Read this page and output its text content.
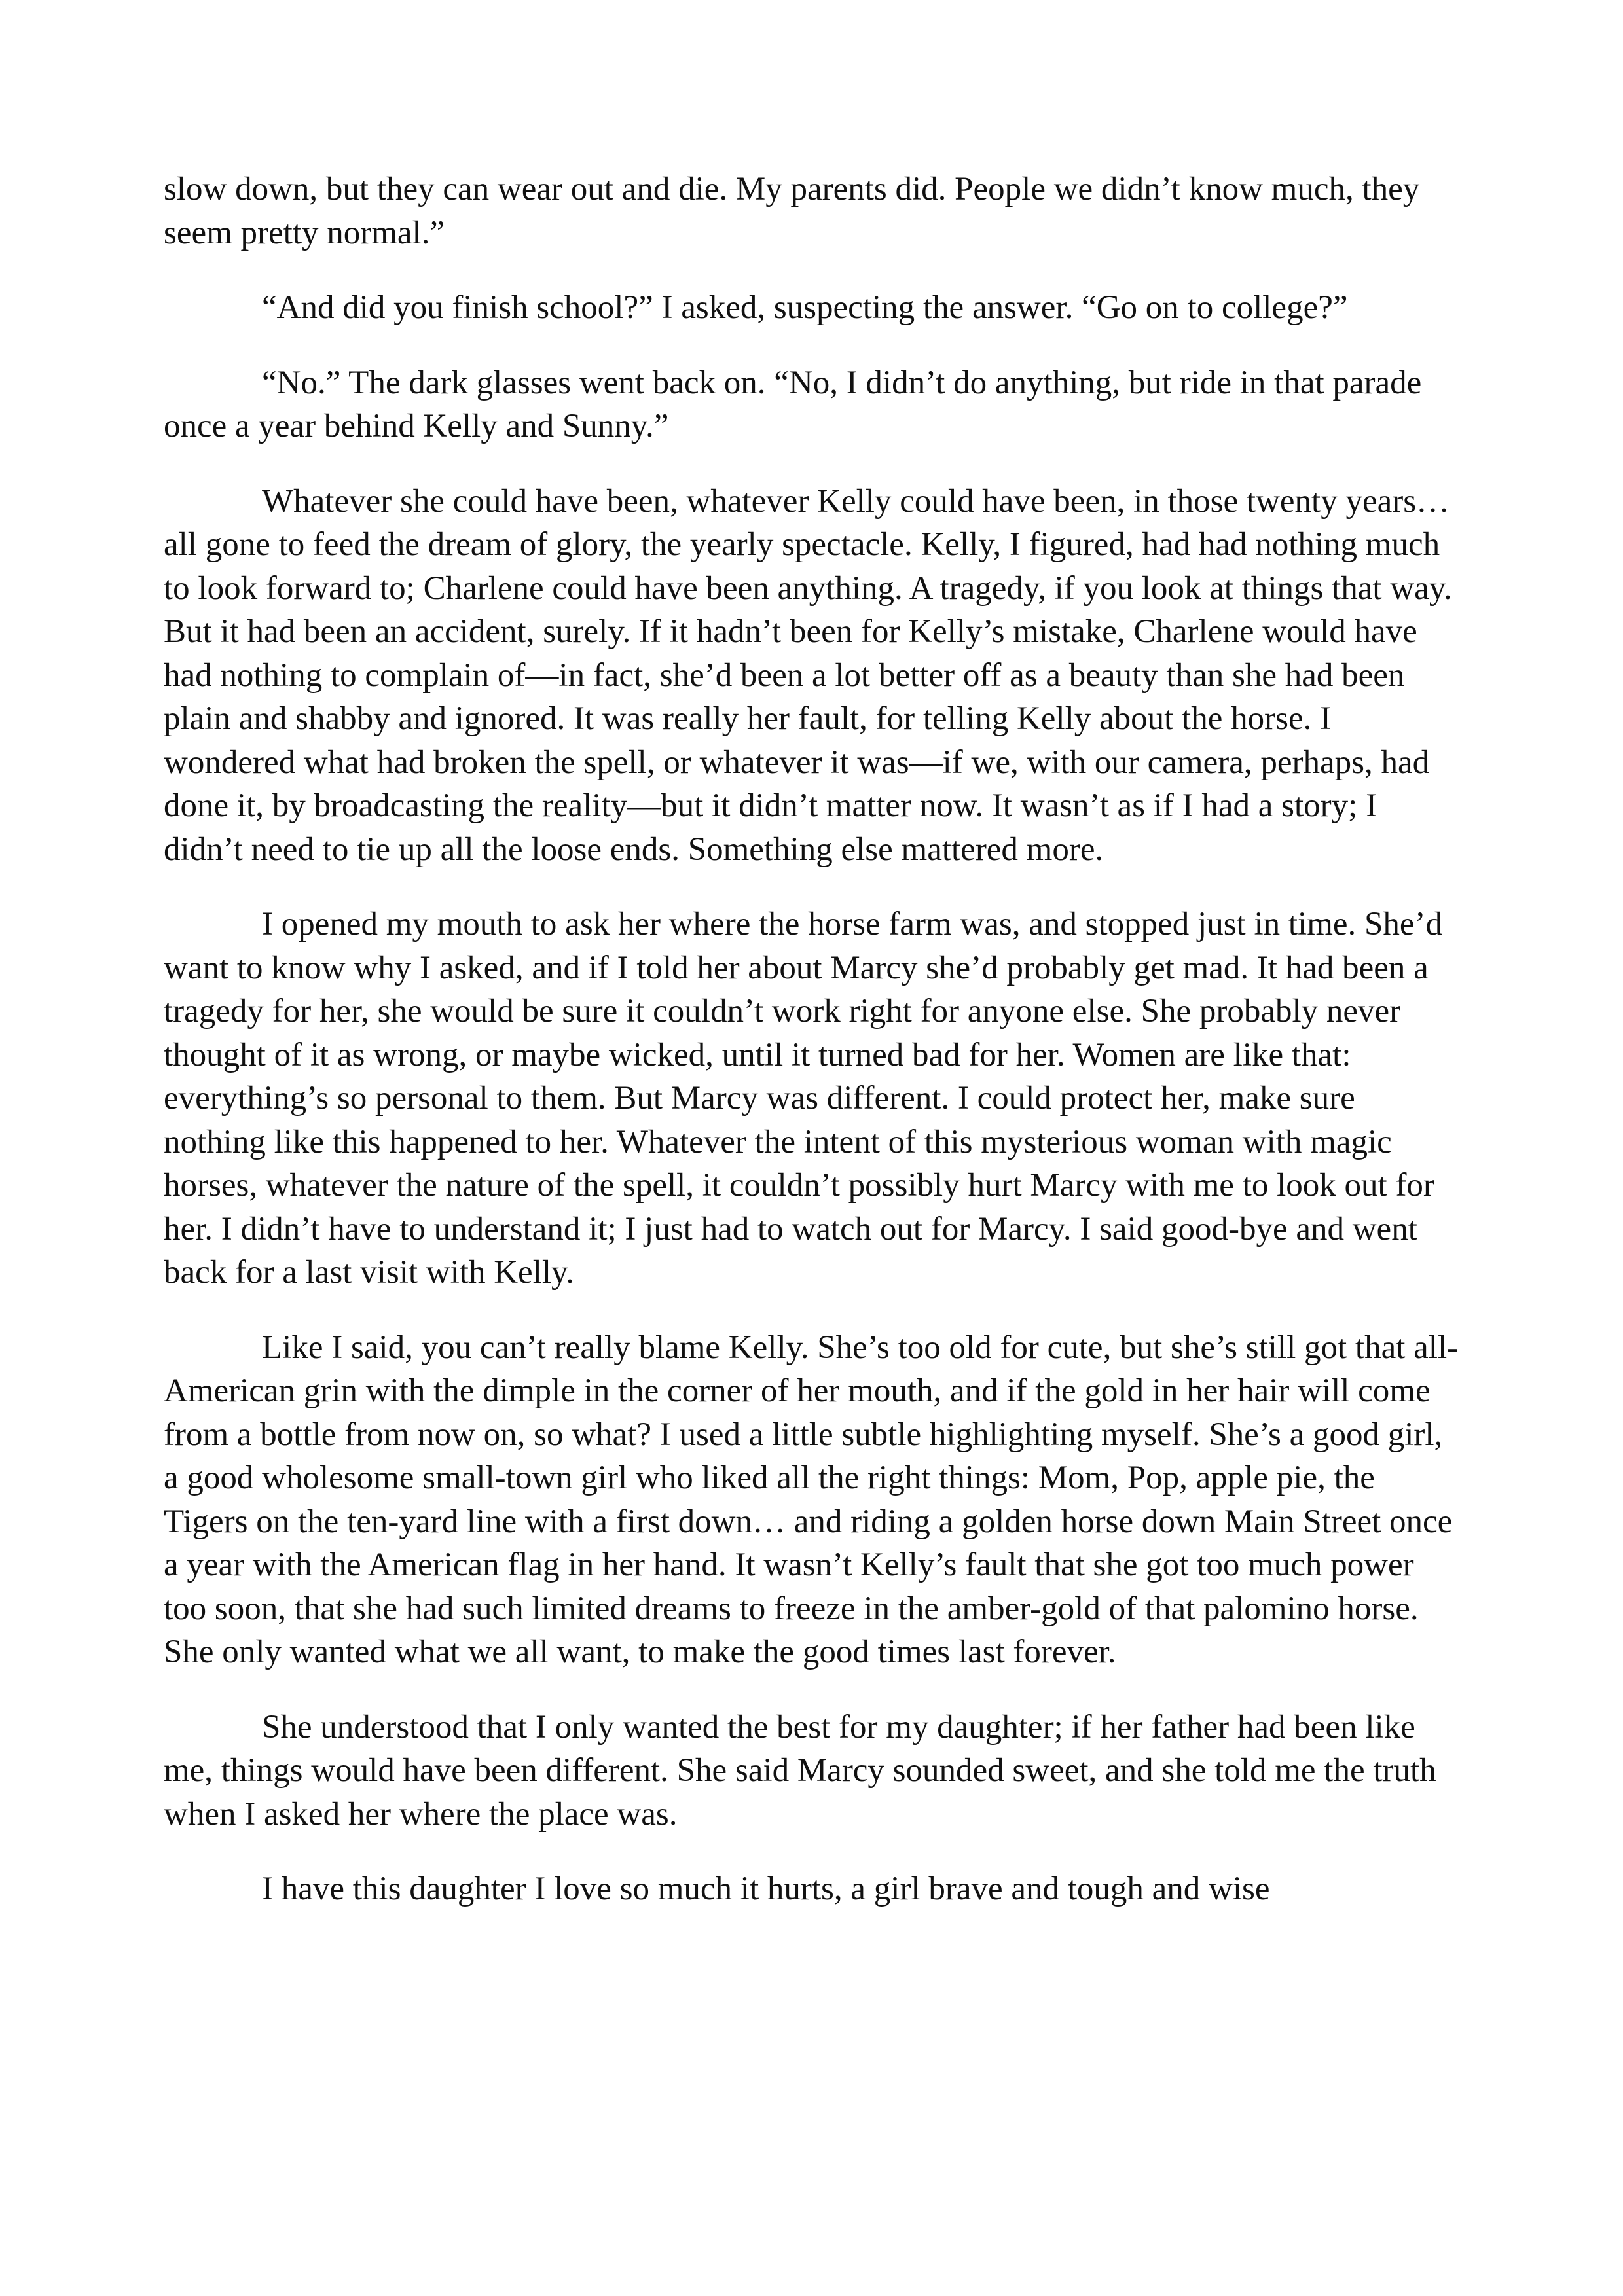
slow down, but they can wear out and die. My parents did. People we didn’t know much, they seem pretty normal.”

“And did you finish school?” I asked, suspecting the answer. “Go on to college?”

“No.” The dark glasses went back on. “No, I didn’t do anything, but ride in that parade once a year behind Kelly and Sunny.”

Whatever she could have been, whatever Kelly could have been, in those twenty years… all gone to feed the dream of glory, the yearly spectacle. Kelly, I figured, had had nothing much to look forward to; Charlene could have been anything. A tragedy, if you look at things that way. But it had been an accident, surely. If it hadn’t been for Kelly’s mistake, Charlene would have had nothing to complain of—in fact, she’d been a lot better off as a beauty than she had been plain and shabby and ignored. It was really her fault, for telling Kelly about the horse. I wondered what had broken the spell, or whatever it was—if we, with our camera, perhaps, had done it, by broadcasting the reality—but it didn’t matter now. It wasn’t as if I had a story; I didn’t need to tie up all the loose ends. Something else mattered more.

I opened my mouth to ask her where the horse farm was, and stopped just in time. She’d want to know why I asked, and if I told her about Marcy she’d probably get mad. It had been a tragedy for her, she would be sure it couldn’t work right for anyone else. She probably never thought of it as wrong, or maybe wicked, until it turned bad for her. Women are like that: everything’s so personal to them. But Marcy was different. I could protect her, make sure nothing like this happened to her. Whatever the intent of this mysterious woman with magic horses, whatever the nature of the spell, it couldn’t possibly hurt Marcy with me to look out for her. I didn’t have to understand it; I just had to watch out for Marcy. I said good-bye and went back for a last visit with Kelly.

Like I said, you can’t really blame Kelly. She’s too old for cute, but she’s still got that all-American grin with the dimple in the corner of her mouth, and if the gold in her hair will come from a bottle from now on, so what? I used a little subtle highlighting myself. She’s a good girl, a good wholesome small-town girl who liked all the right things: Mom, Pop, apple pie, the Tigers on the ten-yard line with a first down… and riding a golden horse down Main Street once a year with the American flag in her hand. It wasn’t Kelly’s fault that she got too much power too soon, that she had such limited dreams to freeze in the amber-gold of that palomino horse. She only wanted what we all want, to make the good times last forever.

She understood that I only wanted the best for my daughter; if her father had been like me, things would have been different. She said Marcy sounded sweet, and she told me the truth when I asked her where the place was.

I have this daughter I love so much it hurts, a girl brave and tough and wise
